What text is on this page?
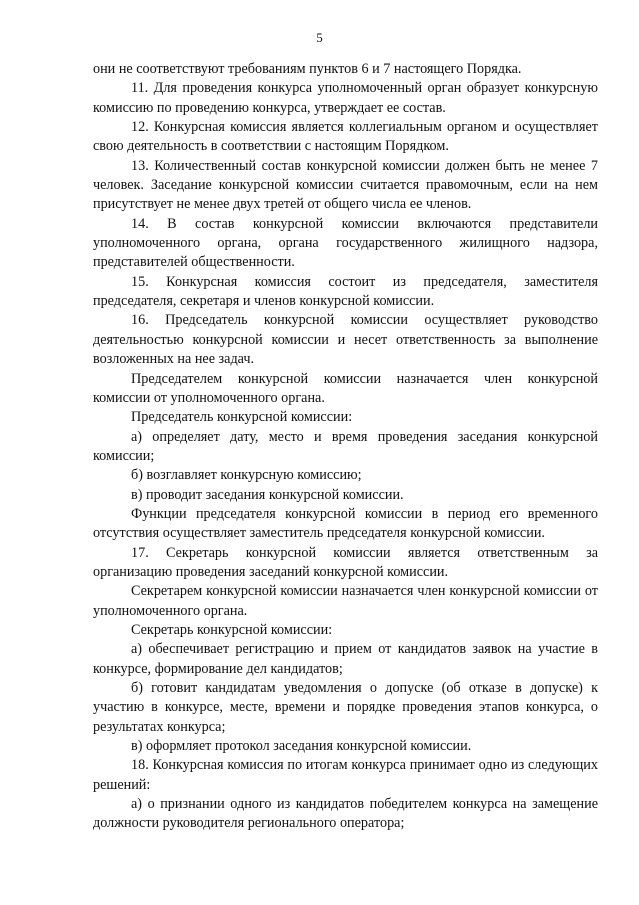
5

они не соответствуют требованиям пунктов 6 и 7 настоящего Порядка.

11. Для проведения конкурса уполномоченный орган образует конкурсную комиссию по проведению конкурса, утверждает ее состав.

12. Конкурсная комиссия является коллегиальным органом и осуществляет свою деятельность в соответствии с настоящим Порядком.

13. Количественный состав конкурсной комиссии должен быть не менее 7 человек. Заседание конкурсной комиссии считается правомочным, если на нем присутствует не менее двух третей от общего числа ее членов.

14. В состав конкурсной комиссии включаются представители уполномоченного органа, органа государственного жилищного надзора, представителей общественности.

15. Конкурсная комиссия состоит из председателя, заместителя председателя, секретаря и членов конкурсной комиссии.

16. Председатель конкурсной комиссии осуществляет руководство деятельностью конкурсной комиссии и несет ответственность за выполнение возложенных на нее задач.

Председателем конкурсной комиссии назначается член конкурсной комиссии от уполномоченного органа.

Председатель конкурсной комиссии:

а) определяет дату, место и время проведения заседания конкурсной комиссии;

б) возглавляет конкурсную комиссию;

в) проводит заседания конкурсной комиссии.

Функции председателя конкурсной комиссии в период его временного отсутствия осуществляет заместитель председателя конкурсной комиссии.

17. Секретарь конкурсной комиссии является ответственным за организацию проведения заседаний конкурсной комиссии.

Секретарем конкурсной комиссии назначается член конкурсной комиссии от уполномоченного органа.

Секретарь конкурсной комиссии:

а) обеспечивает регистрацию и прием от кандидатов заявок на участие в конкурсе, формирование дел кандидатов;

б) готовит кандидатам уведомления о допуске (об отказе в допуске) к участию в конкурсе, месте, времени и порядке проведения этапов конкурса, о результатах конкурса;

в) оформляет протокол заседания конкурсной комиссии.

18. Конкурсная комиссия по итогам конкурса принимает одно из следующих решений:

а) о признании одного из кандидатов победителем конкурса на замещение должности руководителя регионального оператора;
